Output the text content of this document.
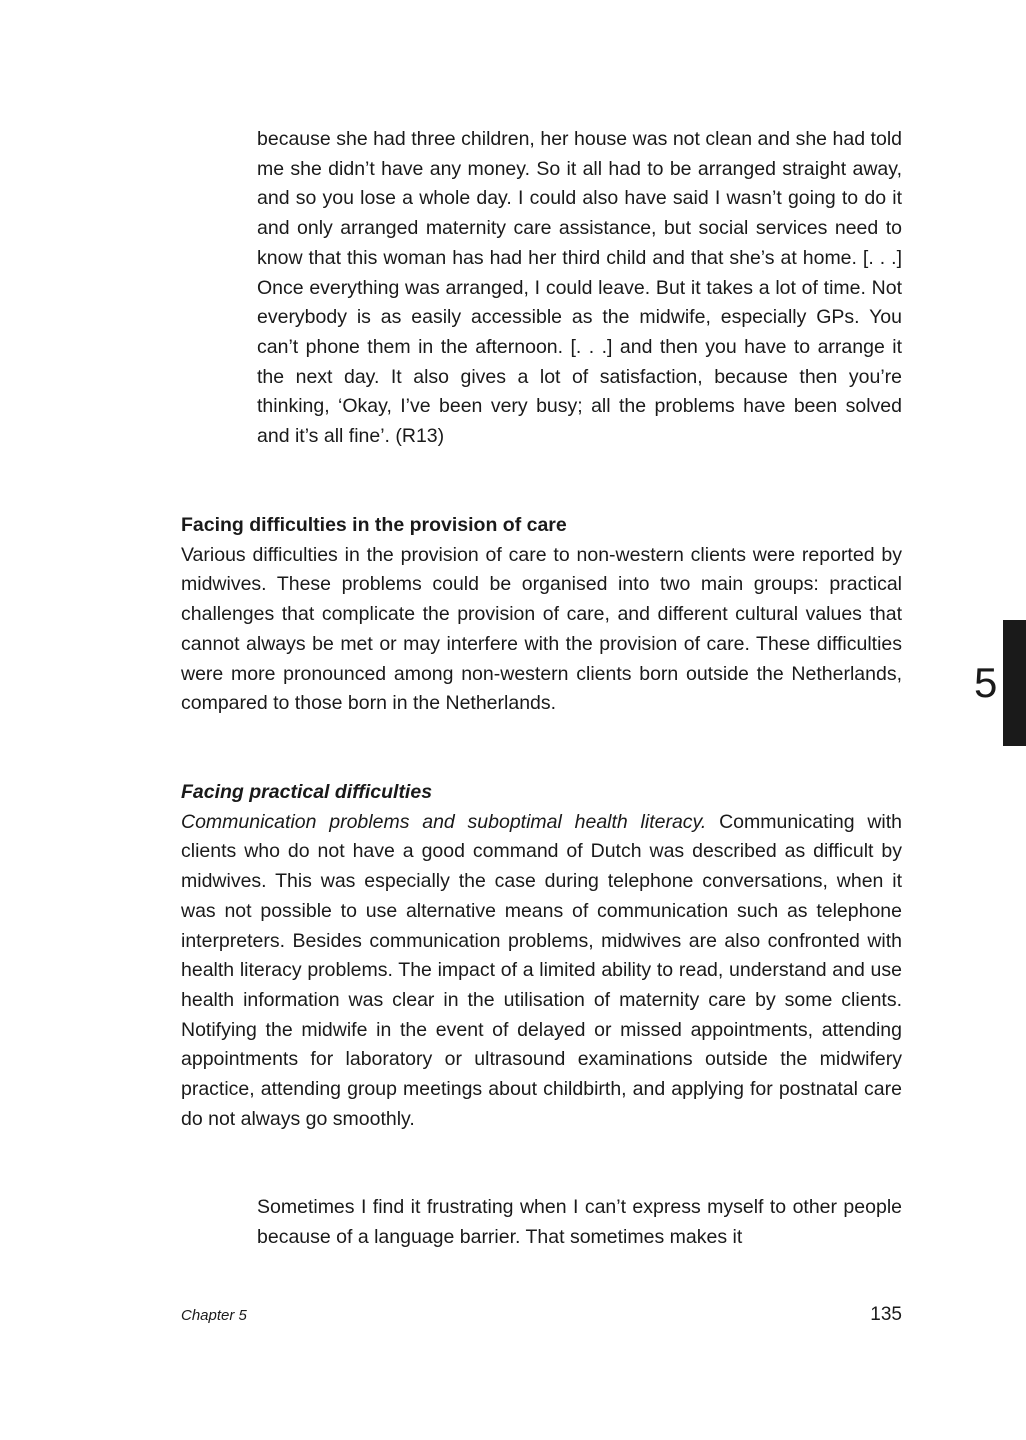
because she had three children, her house was not clean and she had told me she didn’t have any money. So it all had to be arranged straight away, and so you lose a whole day. I could also have said I wasn’t going to do it and only arranged maternity care assistance, but social services need to know that this woman has had her third child and that she’s at home. [. . .] Once everything was arranged, I could leave. But it takes a lot of time. Not everybody is as easily accessible as the midwife, especially GPs. You can’t phone them in the afternoon. [. . .] and then you have to arrange it the next day. It also gives a lot of satisfaction, because then you’re thinking, ‘Okay, I’ve been very busy; all the problems have been solved and it’s all fine’. (R13)

Facing difficulties in the provision of care
Various difficulties in the provision of care to non-western clients were reported by midwives. These problems could be organised into two main groups: practical challenges that complicate the provision of care, and different cultural values that cannot always be met or may interfere with the provision of care. These difficulties were more pronounced among non-western clients born outside the Netherlands, compared to those born in the Netherlands.
Facing practical difficulties
Communication problems and suboptimal health literacy. Communicating with clients who do not have a good command of Dutch was described as difficult by midwives. This was especially the case during telephone conversations, when it was not possible to use alternative means of communication such as telephone interpreters. Besides communication problems, midwives are also confronted with health literacy problems. The impact of a limited ability to read, understand and use health information was clear in the utilisation of maternity care by some clients. Notifying the midwife in the event of delayed or missed appointments, attending appointments for laboratory or ultrasound examinations outside the midwifery practice, attending group meetings about childbirth, and applying for postnatal care do not always go smoothly.

Sometimes I find it frustrating when I can’t express myself to other people because of a language barrier. That sometimes makes it

5
Chapter 5	135
